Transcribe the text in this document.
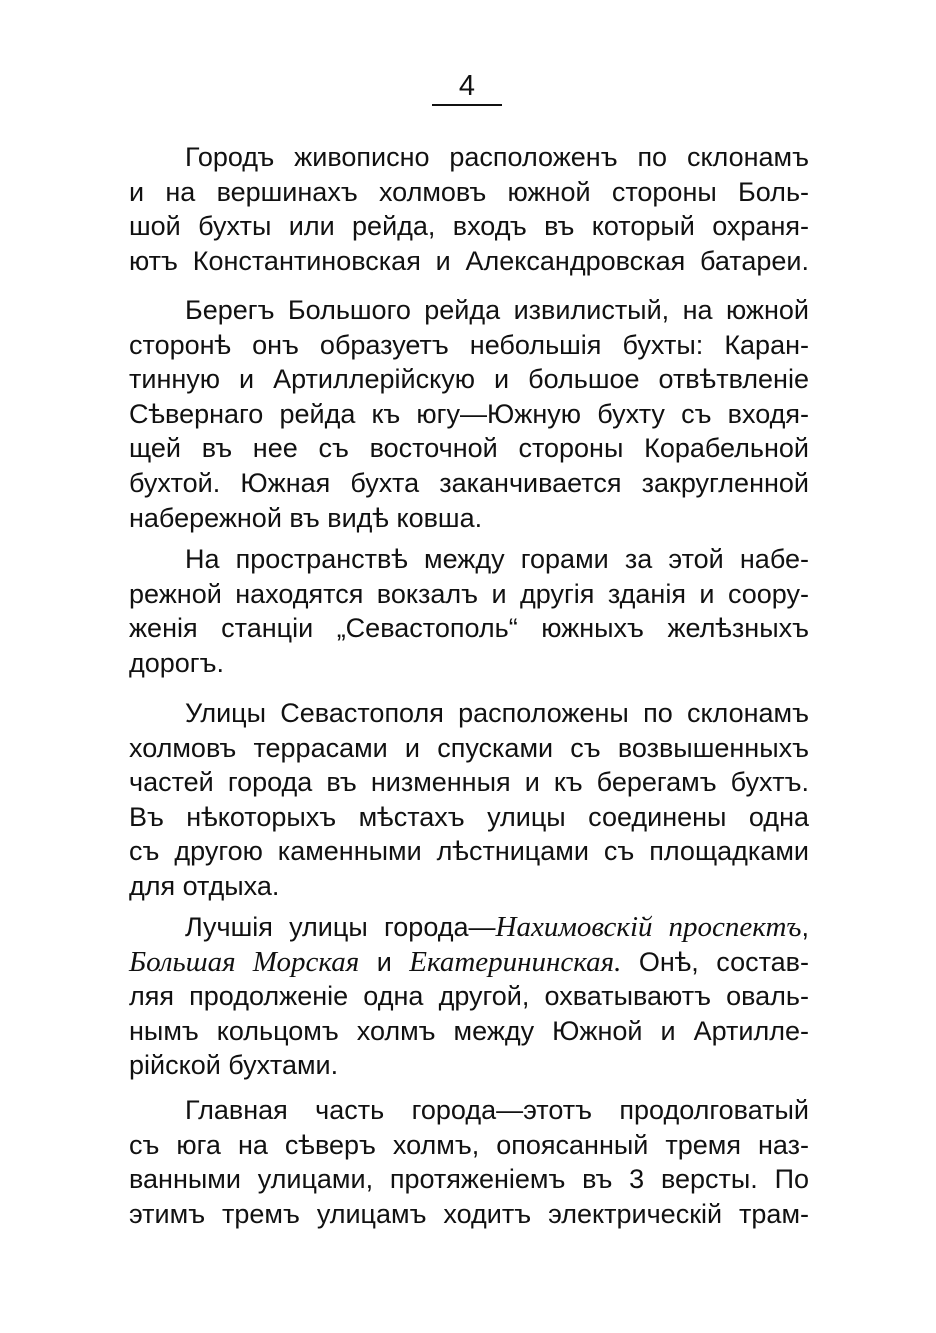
4
Городъ живописно расположенъ по склонамъ
и на вершинахъ холмовъ южной стороны Боль-
шой бухты или рейда, входъ въ который охраня-
ютъ Константиновская и Александровская батареи.
Берегъ Большого рейда извилистый, на южной
сторонѣ онъ образуетъ небольшiя бухты: Каран-
тинную и Артиллерiйскую и большое отвѣтвленiе
Сѣвернаго рейда къ югу—Южную бухту съ входя-
щей въ нее съ восточной стороны Корабельной
бухтой. Южная бухта заканчивается закругленной
набережной въ видѣ ковша.
На пространствѣ между горами за этой набе-
режной находятся вокзалъ и другiя зданiя и соору-
женiя станцiи „Севастополь“ южныхъ желѣзныхъ
дорогъ.
Улицы Севастополя расположены по склонамъ
холмовъ террасами и спусками съ возвышенныхъ
частей города въ низменныя и къ берегамъ бухтъ.
Въ нѣкоторыхъ мѣстахъ улицы соединены одна
съ другою каменными лѣстницами съ площадками
для отдыха.
Лучшiя улицы города—Нахимовскiй проспектъ,
Большая Морская и Екатерининская. Онѣ, состав-
ляя продолженiе одна другой, охватываютъ оваль-
нымъ кольцомъ холмъ между Южной и Артилле-
рiйской бухтами.
Главная часть города—этотъ продолговатый
съ юга на сѣверъ холмъ, опоясанный тремя наз-
ванными улицами, протяженiемъ въ 3 версты. По
этимъ тремъ улицамъ ходитъ электрическiй трам-
